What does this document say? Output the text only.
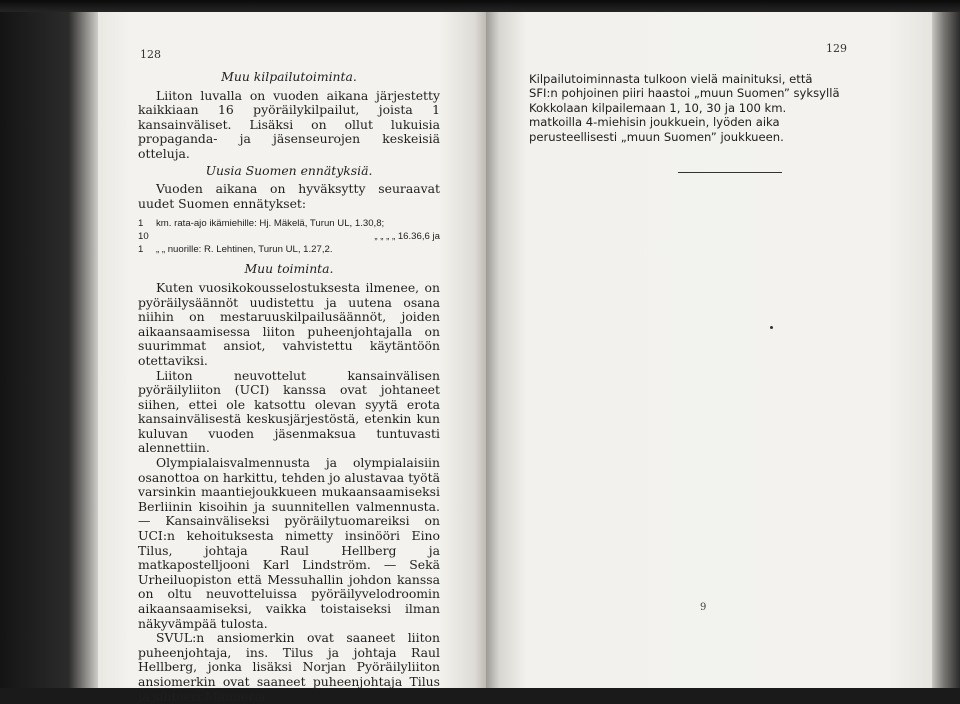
128	129
Muu kilpailutoiminta.

Liiton luvalla on vuoden aikana järjestetty kaikkiaan 16 pyöräilykilpailut, joista 1 kansainväliset. Lisäksi on ollut lukuisia propaganda- ja jäsenseurojen keskeisiä otteluja.

Uusia Suomen ennätyksiä.

Vuoden aikana on hyväksytty seuraavat uudet Suomen ennätykset:

1	km. rata-ajo ikämiehille: Hj. Mäkelä, Turun UL, 1.30,8;
10	„ „ „ „ 16.36,6 ja
1	„ „ nuorille: R. Lehtinen, Turun UL, 1.27,2.
Muu toiminta.

Kuten vuosikokousselostuksesta ilmenee, on pyöräilysäännöt uudistettu ja uutena osana niihin on mestaruuskilpailusäännöt, joiden aikaansaamisessa liiton puheenjohtajalla on suurimmat ansiot, vahvistettu käytäntöön otettaviksi.

Liiton neuvottelut kansainvälisen pyöräilyliiton (UCI) kanssa ovat johtaneet siihen, ettei ole katsottu olevan syytä erota kansainvälisestä keskusjärjestöstä, etenkin kun kuluvan vuoden jäsenmaksua tuntuvasti alennettiin.

Olympialaisvalmennusta ja olympialaisiin osanottoa on harkittu, tehden jo alustavaa työtä varsinkin maantiejoukkueen mukaansaamiseksi Berliinin kisoihin ja suunnitellen valmennusta. — Kansainväliseksi pyöräilytuomareiksi on UCI:n kehoituksesta nimetty insinööri Eino Tilus, johtaja Raul Hellberg ja matkapostelljooni Karl Lindström. — Sekä Urheiluopiston että Messuhallin johdon kanssa on oltu neuvotteluissa pyöräilyvelodroomin aikaansaamiseksi, vaikka toistaiseksi ilman näkyvämpää tulosta.

SVUL:n ansiomerkin ovat saaneet liiton puheenjohtaja, ins. Tilus ja johtaja Raul Hellberg, jonka lisäksi Norjan Pyöräilyliiton ansiomerkin ovat saaneet puheenjohtaja Tilus ja sihteeri Mannerla.

Kilpailutoiminnasta tulkoon vielä mainituksi, että SFI:n pohjoinen piiri haastoi „muun Suomen” syksyllä Kokkolaan kilpailemaan 1, 10, 30 ja 100 km. matkoilla 4-miehisin joukkuein, lyöden aika perusteellisesti „muun Suomen” joukkueen.

9
